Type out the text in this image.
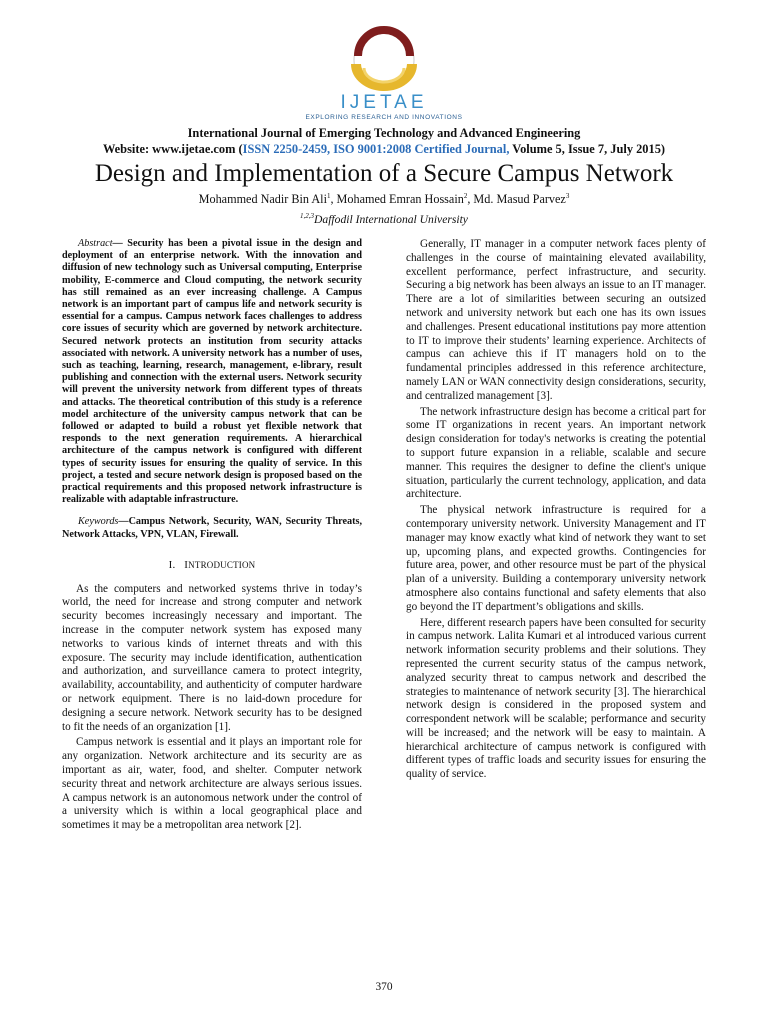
IJETAE
EXPLORING RESEARCH AND INNOVATIONS
International Journal of Emerging Technology and Advanced Engineering
Website: www.ijetae.com (ISSN 2250-2459, ISO 9001:2008 Certified Journal, Volume 5, Issue 7, July 2015)
Design and Implementation of a Secure Campus Network
Mohammed Nadir Bin Ali$^1$, Mohamed Emran Hossain$^2$, Md. Masud Parvez$^3$
$^{1,2,3}$Daffodil International University

Abstract— Security has been a pivotal issue in the design and deployment of an enterprise network. With the innovation and diffusion of new technology such as Universal computing, Enterprise mobility, E-commerce and Cloud computing, the network security has still remained as an ever increasing challenge. A Campus network is an important part of campus life and network security is essential for a campus. Campus network faces challenges to address core issues of security which are governed by network architecture. Secured network protects an institution from security attacks associated with network. A university network has a number of uses, such as teaching, learning, research, management, e-library, result publishing and connection with the external users. Network security will prevent the university network from different types of threats and attacks. The theoretical contribution of this study is a reference model architecture of the university campus network that can be followed or adapted to build a robust yet flexible network that responds to the next generation requirements. A hierarchical architecture of the campus network is configured with different types of security issues for ensuring the quality of service. In this project, a tested and secure network design is proposed based on the practical requirements and this proposed network infrastructure is realizable with adaptable infrastructure.

Keywords—Campus Network, Security, WAN, Security Threats, Network Attacks, VPN, VLAN, Firewall.

I. INTRODUCTION

As the computers and networked systems thrive in today’s world, the need for increase and strong computer and network security becomes increasingly necessary and important. The increase in the computer network system has exposed many networks to various kinds of internet threats and with this exposure. The security may include identification, authentication and authorization, and surveillance camera to protect integrity, availability, accountability, and authenticity of computer hardware or network equipment. There is no laid-down procedure for designing a secure network. Network security has to be designed to fit the needs of an organization [1].

Campus network is essential and it plays an important role for any organization. Network architecture and its security are as important as air, water, food, and shelter. Computer network security threat and network architecture are always serious issues. A campus network is an autonomous network under the control of a university which is within a local geographical place and sometimes it may be a metropolitan area network [2].

Generally, IT manager in a computer network faces plenty of challenges in the course of maintaining elevated availability, excellent performance, perfect infrastructure, and security. Securing a big network has been always an issue to an IT manager. There are a lot of similarities between securing an outsized network and university network but each one has its own issues and challenges. Present educational institutions pay more attention to IT to improve their students’ learning experience. Architects of campus can achieve this if IT managers hold on to the fundamental principles addressed in this reference architecture, namely LAN or WAN connectivity design considerations, security, and centralized management [3].

The network infrastructure design has become a critical part for some IT organizations in recent years. An important network design consideration for today's networks is creating the potential to support future expansion in a reliable, scalable and secure manner. This requires the designer to define the client's unique situation, particularly the current technology, application, and data architecture.

The physical network infrastructure is required for a contemporary university network. University Management and IT manager may know exactly what kind of network they want to set up, upcoming plans, and expected growths. Contingencies for future area, power, and other resource must be part of the physical plan of a university. Building a contemporary university network atmosphere also contains functional and safety elements that also go beyond the IT department’s obligations and skills.

Here, different research papers have been consulted for security in campus network. Lalita Kumari et al introduced various current network information security problems and their solutions. They represented the current security status of the campus network, analyzed security threat to campus network and described the strategies to maintenance of network security [3]. The hierarchical network design is considered in the proposed system and correspondent network will be scalable; performance and security will be increased; and the network will be easy to maintain. A hierarchical architecture of campus network is configured with different types of traffic loads and security issues for ensuring the quality of service.

370
